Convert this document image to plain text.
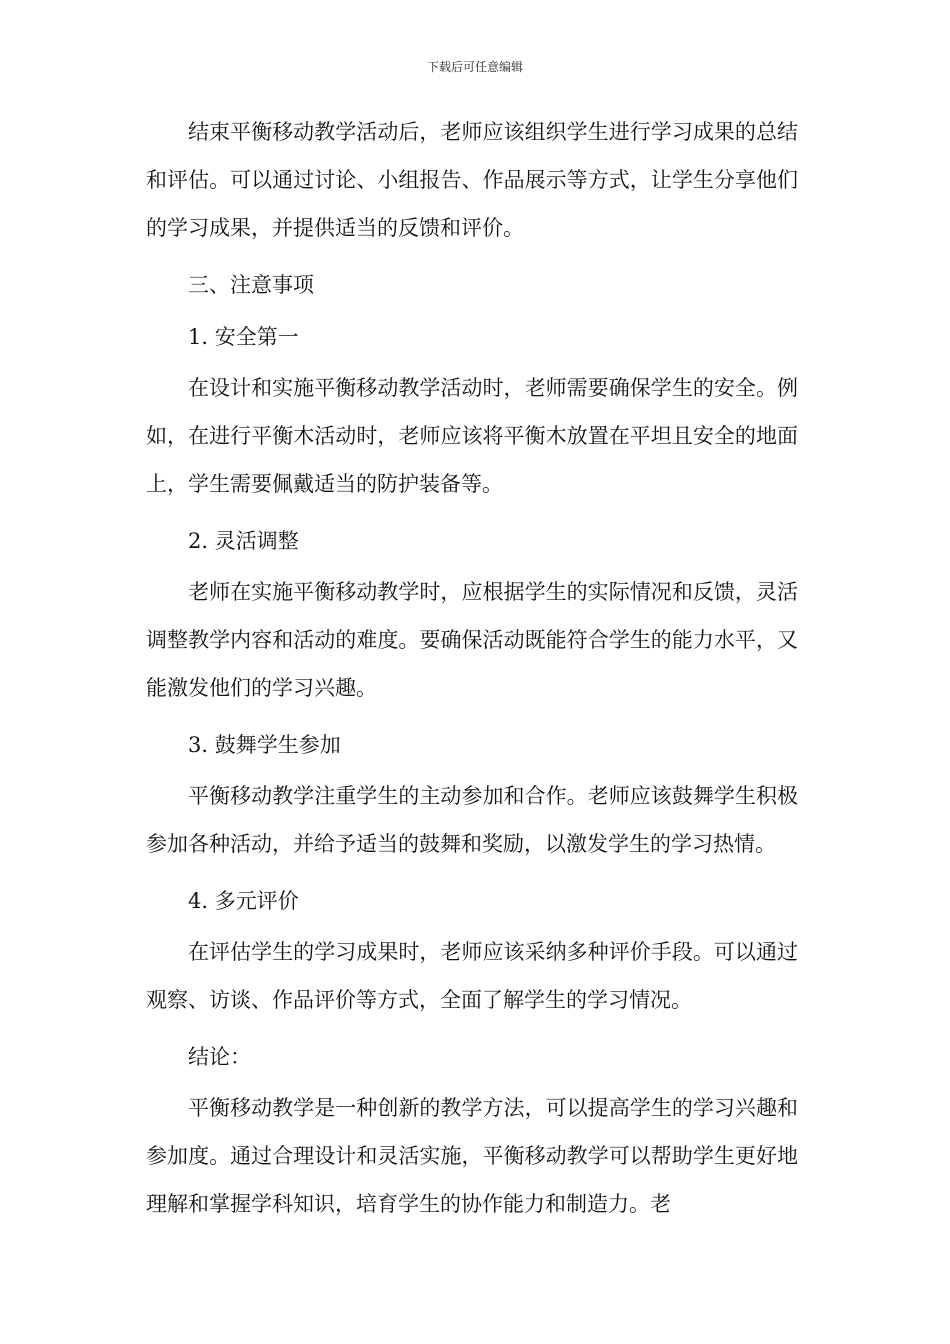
下载后可任意编辑

结束平衡移动教学活动后，老师应该组织学生进行学习成果的总结和评估。可以通过讨论、小组报告、作品展示等方式，让学生分享他们的学习成果，并提供适当的反馈和评价。

三、注意事项

1. 安全第一

在设计和实施平衡移动教学活动时，老师需要确保学生的安全。例如，在进行平衡木活动时，老师应该将平衡木放置在平坦且安全的地面上，学生需要佩戴适当的防护装备等。

2. 灵活调整

老师在实施平衡移动教学时，应根据学生的实际情况和反馈，灵活调整教学内容和活动的难度。要确保活动既能符合学生的能力水平，又能激发他们的学习兴趣。

3. 鼓舞学生参加

平衡移动教学注重学生的主动参加和合作。老师应该鼓舞学生积极参加各种活动，并给予适当的鼓舞和奖励，以激发学生的学习热情。

4. 多元评价

在评估学生的学习成果时，老师应该采纳多种评价手段。可以通过观察、访谈、作品评价等方式，全面了解学生的学习情况。

结论：

平衡移动教学是一种创新的教学方法，可以提高学生的学习兴趣和参加度。通过合理设计和灵活实施，平衡移动教学可以帮助学生更好地理解和掌握学科知识，培育学生的协作能力和制造力。老
